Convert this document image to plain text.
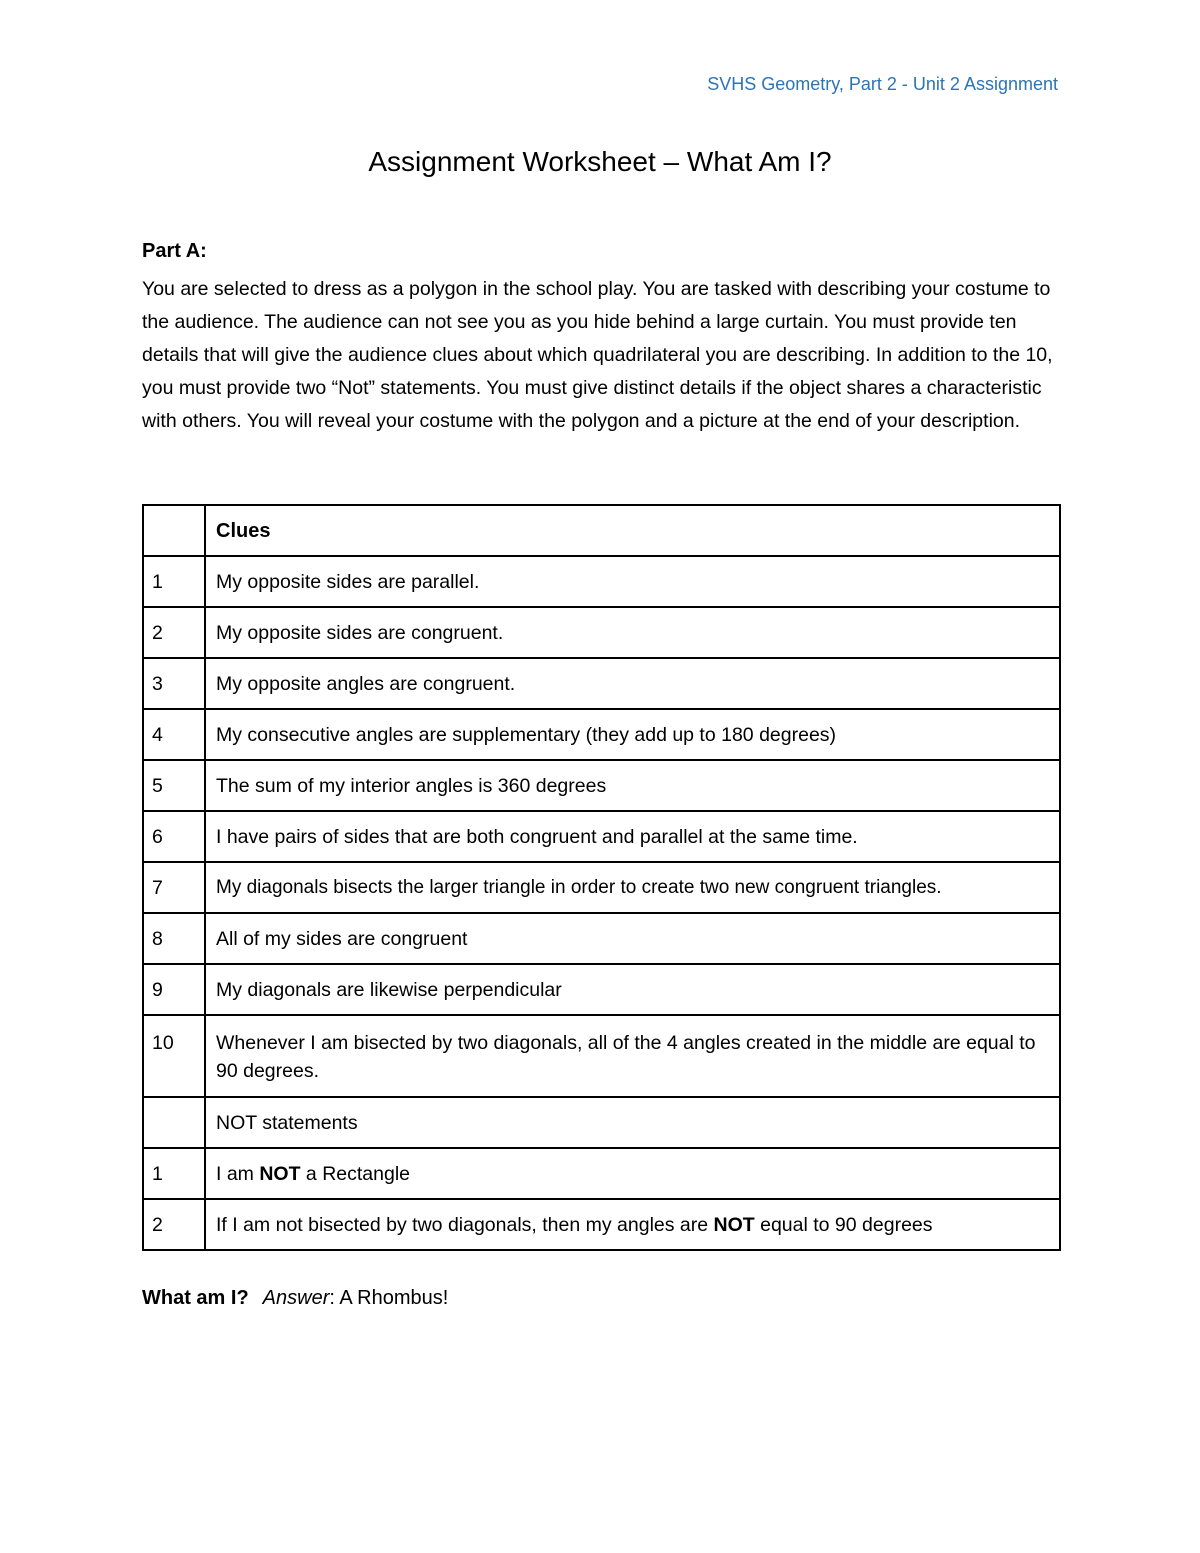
SVHS Geometry, Part 2 - Unit 2 Assignment
Assignment Worksheet – What Am I?
Part A:

You are selected to dress as a polygon in the school play. You are tasked with describing your costume to the audience. The audience can not see you as you hide behind a large curtain. You must provide ten details that will give the audience clues about which quadrilateral you are describing. In addition to the 10, you must provide two “Not” statements. You must give distinct details if the object shares a characteristic with others. You will reveal your costume with the polygon and a picture at the end of your description.

	Clues
1	My opposite sides are parallel.
2	My opposite sides are congruent.
3	My opposite angles are congruent.
4	My consecutive angles are supplementary (they add up to 180 degrees)
5	The sum of my interior angles is 360 degrees
6	I have pairs of sides that are both congruent and parallel at the same time.
7	My diagonals bisects the larger triangle in order to create two new congruent triangles.
8	All of my sides are congruent
9	My diagonals are likewise perpendicular
10	Whenever I am bisected by two diagonals, all of the 4 angles created in the middle are equal to 90 degrees.
	NOT statements
1	I am NOT a Rectangle
2	If I am not bisected by two diagonals, then my angles are NOT equal to 90 degrees
What am I? Answer: A Rhombus!
